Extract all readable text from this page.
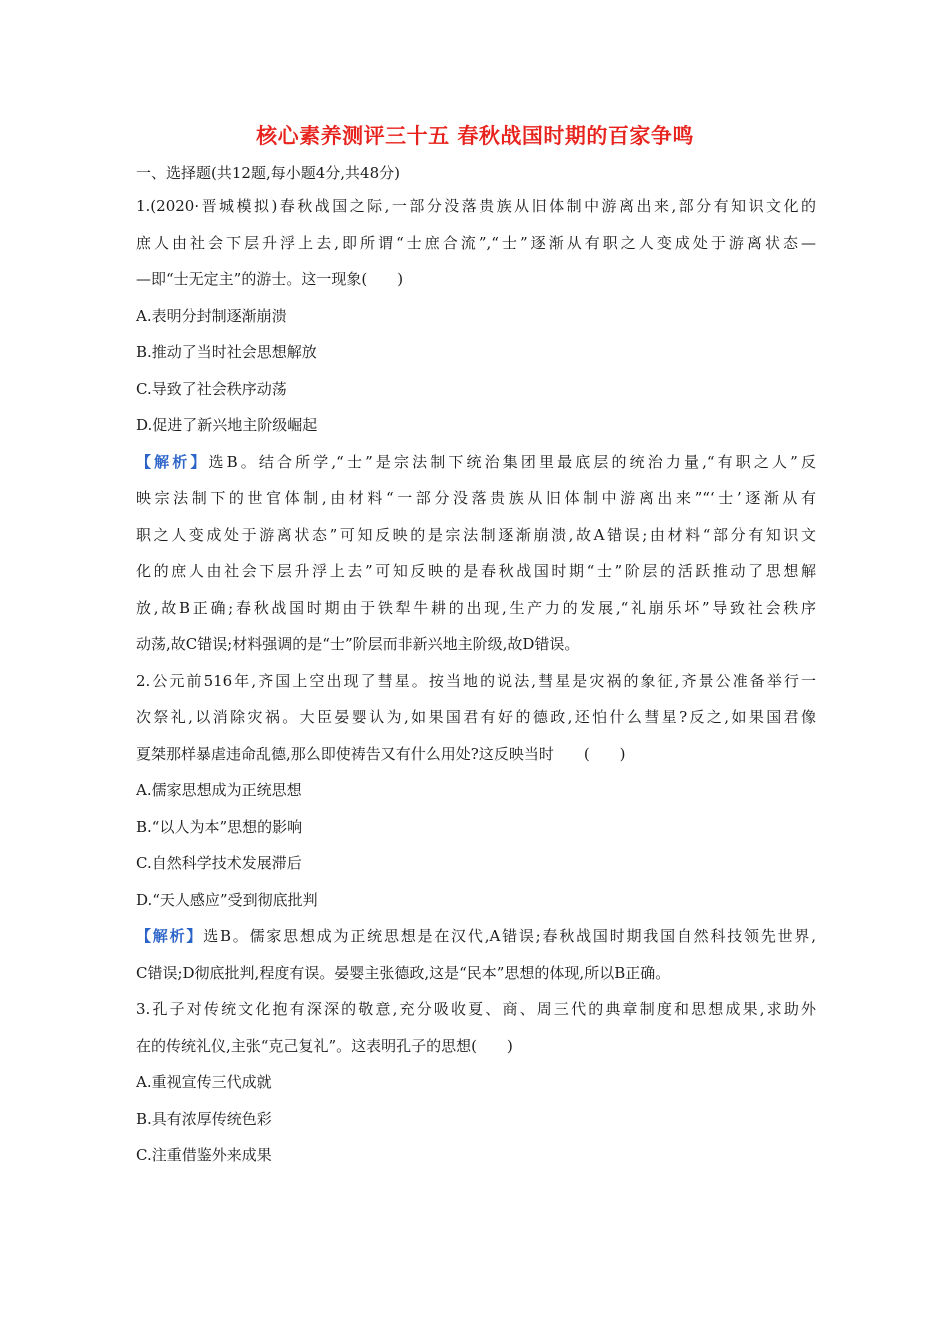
核心素养测评三十五 春秋战国时期的百家争鸣
一、选择题(共12题,每小题4分,共48分)
1.(2020·晋城模拟)春秋战国之际,一部分没落贵族从旧体制中游离出来,部分有知识文化的
庶人由社会下层升浮上去,即所谓“士庶合流”,“士”逐渐从有职之人变成处于游离状态—
—即“士无定主”的游士。这一现象(　　)
A.表明分封制逐渐崩溃
B.推动了当时社会思想解放
C.导致了社会秩序动荡
D.促进了新兴地主阶级崛起
【解析】选B。结合所学,“士”是宗法制下统治集团里最底层的统治力量,“有职之人”反
映宗法制下的世官体制,由材料“一部分没落贵族从旧体制中游离出来”“‘士’逐渐从有
职之人变成处于游离状态”可知反映的是宗法制逐渐崩溃,故A错误;由材料“部分有知识文
化的庶人由社会下层升浮上去”可知反映的是春秋战国时期“士”阶层的活跃推动了思想解
放,故B正确;春秋战国时期由于铁犁牛耕的出现,生产力的发展,“礼崩乐坏”导致社会秩序
动荡,故C错误;材料强调的是“士”阶层而非新兴地主阶级,故D错误。
2.公元前516年,齐国上空出现了彗星。按当地的说法,彗星是灾祸的象征,齐景公准备举行一
次祭礼,以消除灾祸。大臣晏婴认为,如果国君有好的德政,还怕什么彗星?反之,如果国君像
夏桀那样暴虐违命乱德,那么即使祷告又有什么用处?这反映当时　　(　　)
A.儒家思想成为正统思想
B.“以人为本”思想的影响
C.自然科学技术发展滞后
D.“天人感应”受到彻底批判
【解析】选B。儒家思想成为正统思想是在汉代,A错误;春秋战国时期我国自然科技领先世界,
C错误;D彻底批判,程度有误。晏婴主张德政,这是“民本”思想的体现,所以B正确。
3.孔子对传统文化抱有深深的敬意,充分吸收夏、商、周三代的典章制度和思想成果,求助外
在的传统礼仪,主张“克己复礼”。这表明孔子的思想(　　)
A.重视宣传三代成就
B.具有浓厚传统色彩
C.注重借鉴外来成果
